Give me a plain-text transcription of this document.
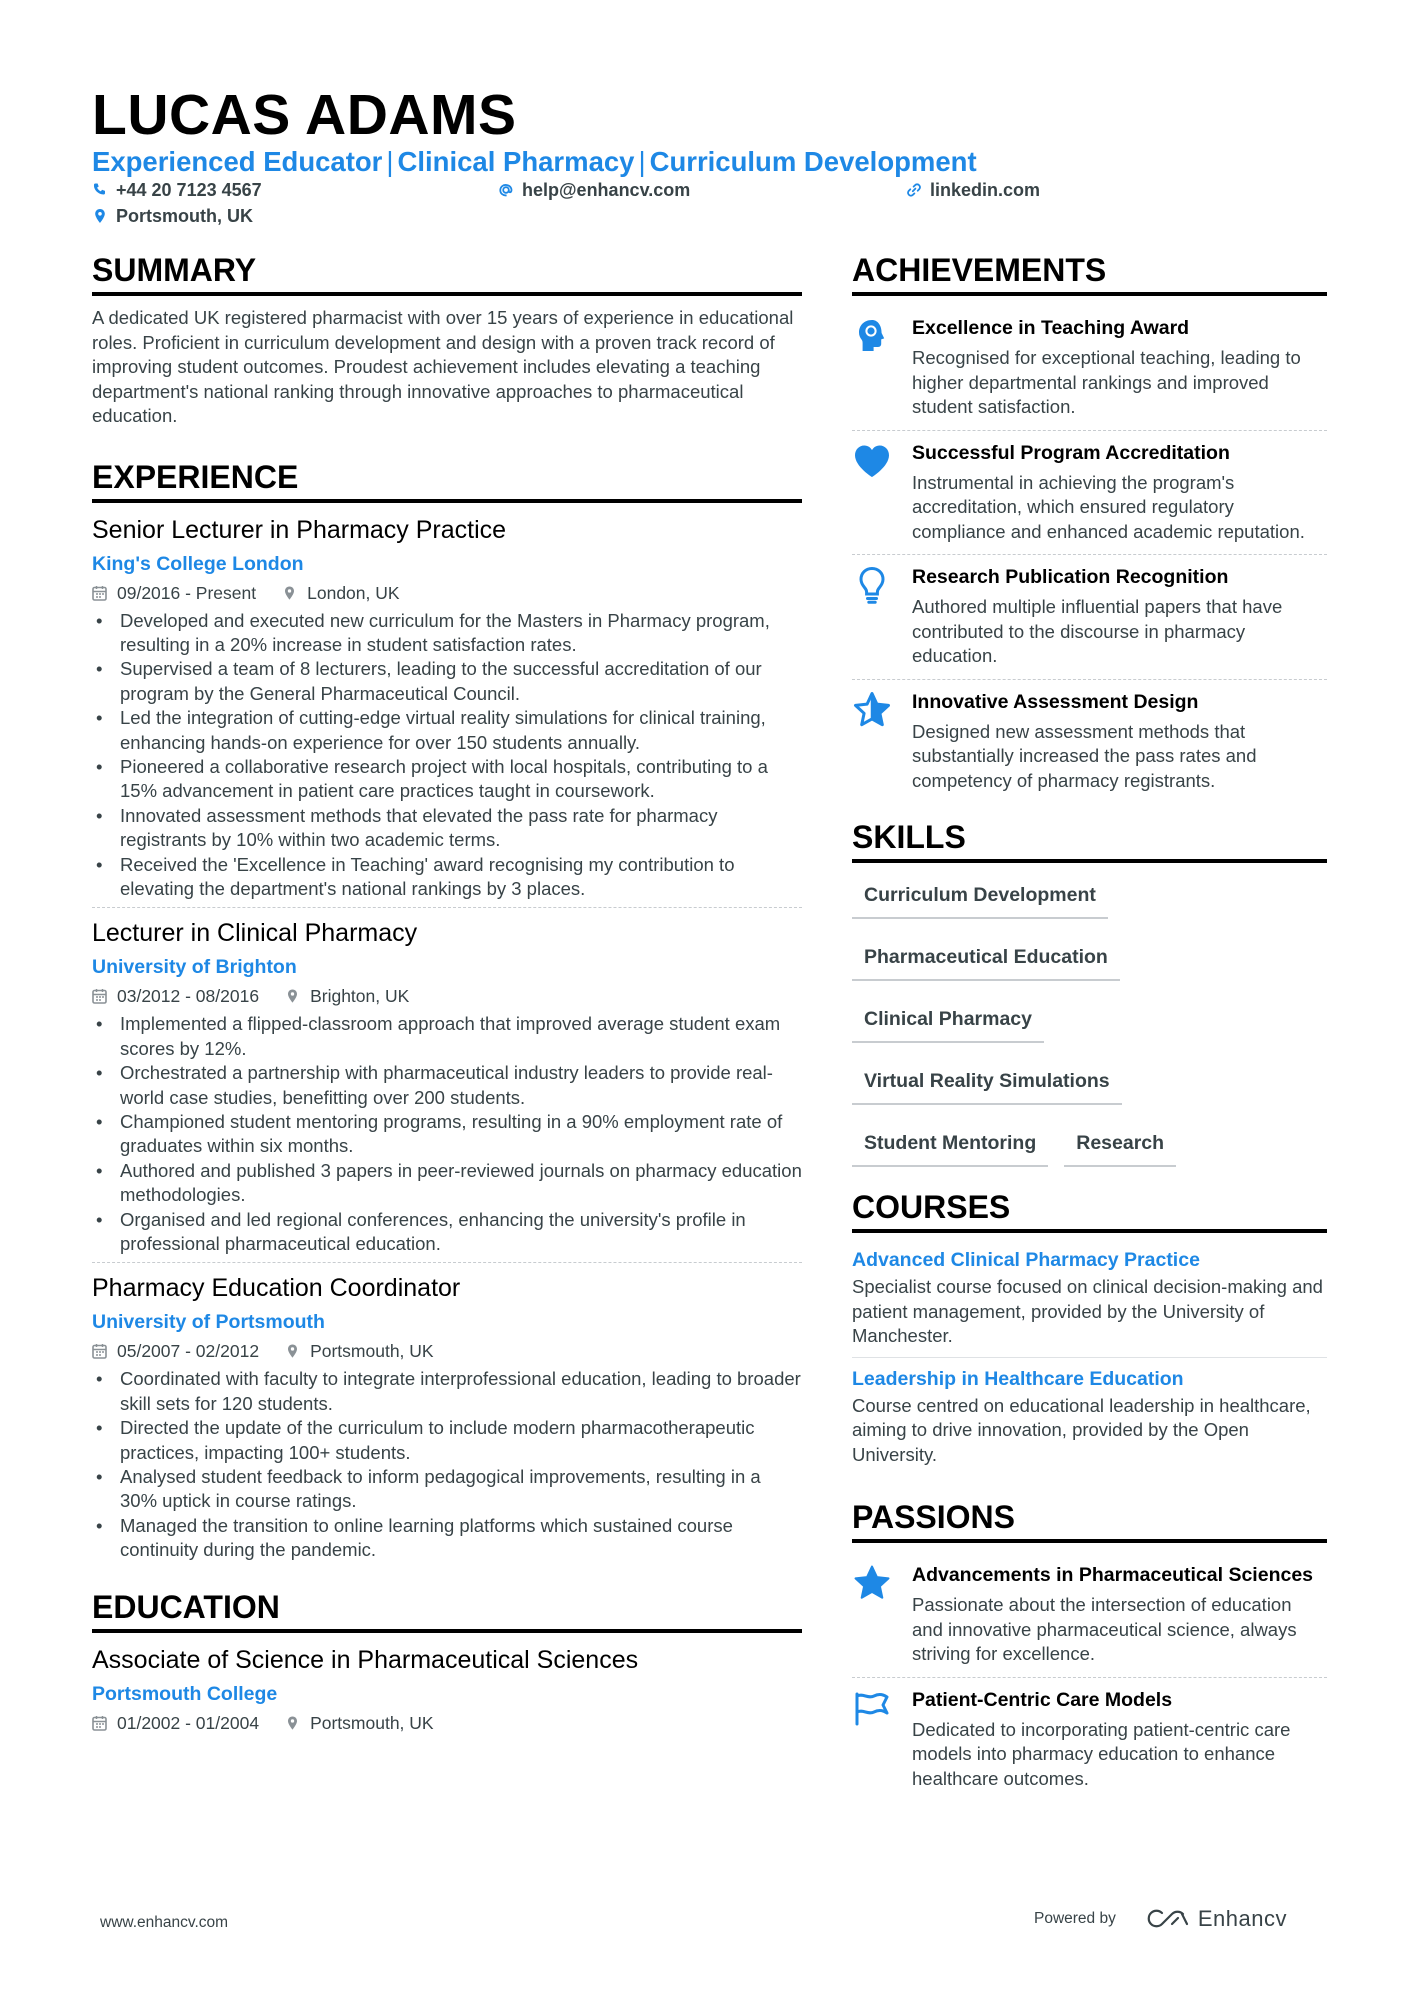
LUCAS ADAMS
Experienced Educator | Clinical Pharmacy | Curriculum Development
+44 20 7123 4567	help@enhancv.com	linkedin.com
Portsmouth, UK
SUMMARY
A dedicated UK registered pharmacist with over 15 years of experience in educational roles. Proficient in curriculum development and design with a proven track record of improving student outcomes. Proudest achievement includes elevating a teaching department's national ranking through innovative approaches to pharmaceutical education.
EXPERIENCE
Senior Lecturer in Pharmacy Practice
King's College London
09/2016 - Present	London, UK
• Developed and executed new curriculum for the Masters in Pharmacy program, resulting in a 20% increase in student satisfaction rates.
• Supervised a team of 8 lecturers, leading to the successful accreditation of our program by the General Pharmaceutical Council.
• Led the integration of cutting-edge virtual reality simulations for clinical training, enhancing hands-on experience for over 150 students annually.
• Pioneered a collaborative research project with local hospitals, contributing to a 15% advancement in patient care practices taught in coursework.
• Innovated assessment methods that elevated the pass rate for pharmacy registrants by 10% within two academic terms.
• Received the 'Excellence in Teaching' award recognising my contribution to elevating the department's national rankings by 3 places.
Lecturer in Clinical Pharmacy
University of Brighton
03/2012 - 08/2016	Brighton, UK
• Implemented a flipped-classroom approach that improved average student exam scores by 12%.
• Orchestrated a partnership with pharmaceutical industry leaders to provide real-world case studies, benefitting over 200 students.
• Championed student mentoring programs, resulting in a 90% employment rate of graduates within six months.
• Authored and published 3 papers in peer-reviewed journals on pharmacy education methodologies.
• Organised and led regional conferences, enhancing the university's profile in professional pharmaceutical education.
Pharmacy Education Coordinator
University of Portsmouth
05/2007 - 02/2012	Portsmouth, UK
• Coordinated with faculty to integrate interprofessional education, leading to broader skill sets for 120 students.
• Directed the update of the curriculum to include modern pharmacotherapeutic practices, impacting 100+ students.
• Analysed student feedback to inform pedagogical improvements, resulting in a 30% uptick in course ratings.
• Managed the transition to online learning platforms which sustained course continuity during the pandemic.
EDUCATION
Associate of Science in Pharmaceutical Sciences
Portsmouth College
01/2002 - 01/2004	Portsmouth, UK
ACHIEVEMENTS
Excellence in Teaching Award
Recognised for exceptional teaching, leading to higher departmental rankings and improved student satisfaction.
Successful Program Accreditation
Instrumental in achieving the program's accreditation, which ensured regulatory compliance and enhanced academic reputation.
Research Publication Recognition
Authored multiple influential papers that have contributed to the discourse in pharmacy education.
Innovative Assessment Design
Designed new assessment methods that substantially increased the pass rates and competency of pharmacy registrants.
SKILLS
Curriculum Development
Pharmaceutical Education
Clinical Pharmacy
Virtual Reality Simulations
Student Mentoring	Research
COURSES
Advanced Clinical Pharmacy Practice
Specialist course focused on clinical decision-making and patient management, provided by the University of Manchester.
Leadership in Healthcare Education
Course centred on educational leadership in healthcare, aiming to drive innovation, provided by the Open University.
PASSIONS
Advancements in Pharmaceutical Sciences
Passionate about the intersection of education and innovative pharmaceutical science, always striving for excellence.
Patient-Centric Care Models
Dedicated to incorporating patient-centric care models into pharmacy education to enhance healthcare outcomes.
www.enhancv.com	Powered by	Enhancv
